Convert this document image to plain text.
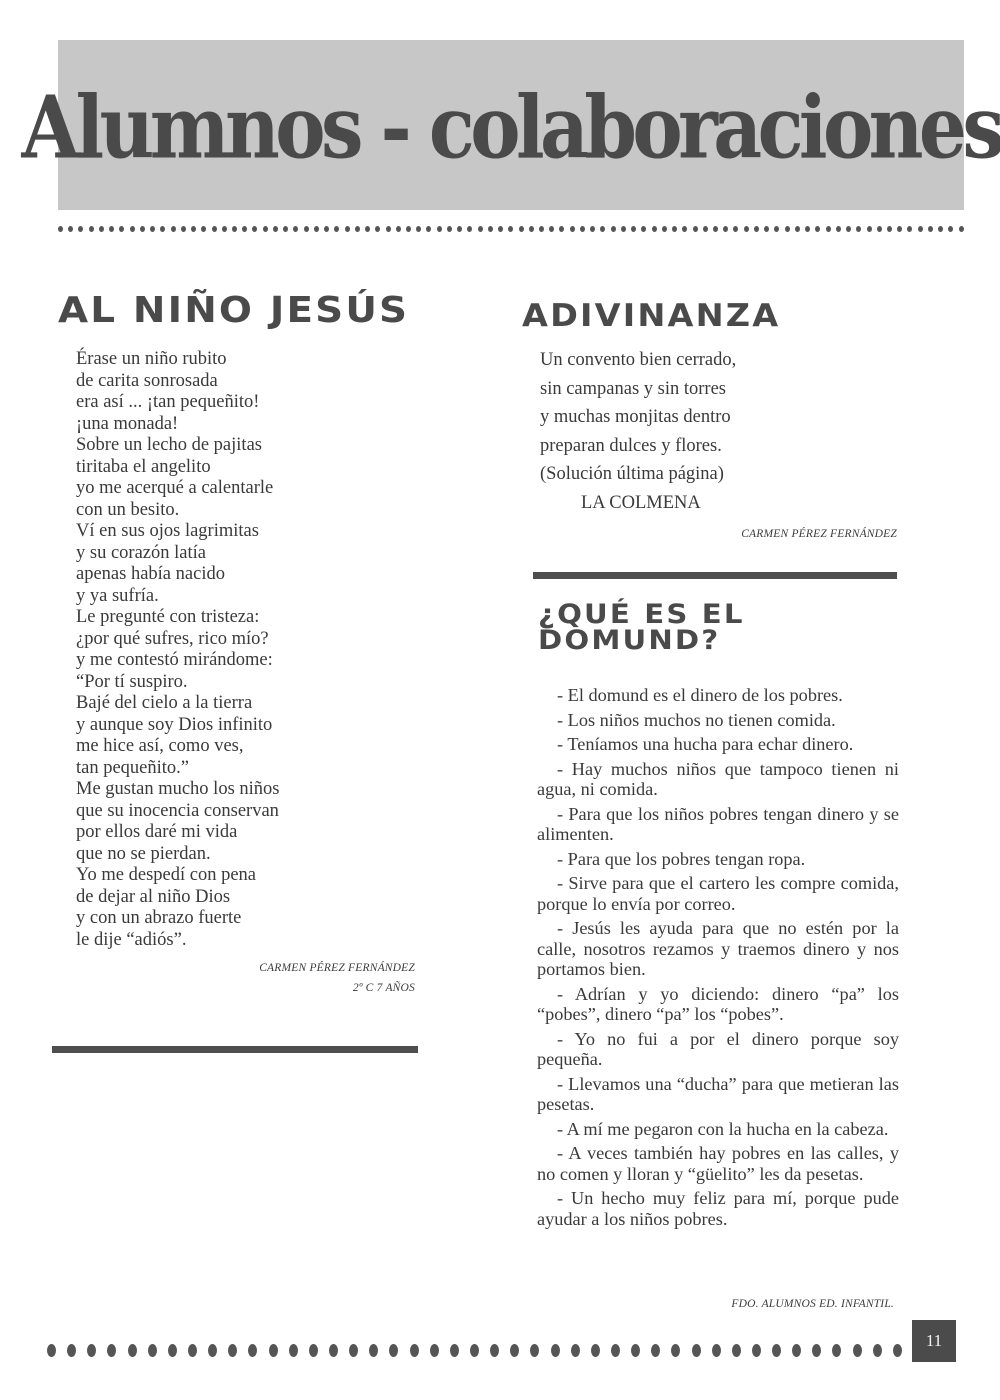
Alumnos - colaboraciones
AL NIÑO JESÚS
Érase un niño rubito
de carita sonrosada
era así ... ¡tan pequeñito!
¡una monada!
Sobre un lecho de pajitas
tiritaba el angelito
yo me acerqué a calentarle
con un besito.
Ví en sus ojos lagrimitas
y su corazón latía
apenas había nacido
y ya sufría.
Le pregunté con tristeza:
¿por qué sufres, rico mío?
y me contestó mirándome:
“Por tí suspiro.
Bajé del cielo a la tierra
y aunque soy Dios infinito
me hice así, como ves,
tan pequeñito.”
Me gustan mucho los niños
que su inocencia conservan
por ellos daré mi vida
que no se pierdan.
Yo me despedí con pena
de dejar al niño Dios
y con un abrazo fuerte
le dije “adiós”.
CARMEN PÉREZ FERNÁNDEZ
2º C 7 AÑOS
ADIVINANZA
Un convento bien cerrado,
sin campanas y sin torres
y muchas monjitas dentro
preparan dulces y flores.
(Solución última página)
LA COLMENA
CARMEN PÉREZ FERNÁNDEZ
¿QUÉ ES EL
DOMUND?

- El domund es el dinero de los pobres.

- Los niños muchos no tienen comida.

- Teníamos una hucha para echar dinero.

- Hay muchos niños que tampoco tienen ni agua, ni comida.

- Para que los niños pobres tengan dinero y se alimenten.

- Para que los pobres tengan ropa.

- Sirve para que el cartero les compre comida, porque lo envía por correo.

- Jesús les ayuda para que no estén por la calle, nosotros rezamos y traemos dinero y nos portamos bien.

- Adrían y yo diciendo: dinero “pa” los “pobes”, dinero “pa” los “pobes”.

- Yo no fui a por el dinero porque soy pequeña.

- Llevamos una “ducha” para que metieran las pesetas.

- A mí me pegaron con la hucha en la cabeza.

- A veces también hay pobres en las calles, y no comen y lloran y “güelito” les da pesetas.

- Un hecho muy feliz para mí, porque pude ayudar a los niños pobres.

FDO. ALUMNOS ED. INFANTIL.
11
